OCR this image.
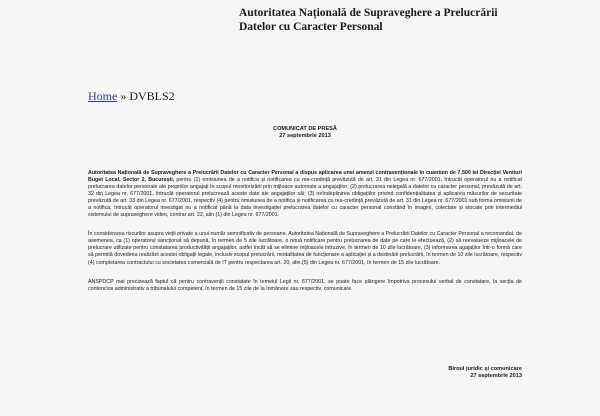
Autoritatea Națională de Supraveghere a Prelucrării
Datelor cu Caracter Personal
Home » DVBLS2
COMUNICAT DE PRESĂ
27 septembrie 2013

Autoritatea Națională de Supraveghere a Prelucrării Datelor cu Caracter Personal a dispus aplicarea unei amenzi contravenționale în cuantum de 7.500 lei Direcției Venituri Buget Local, Sector 2, București, pentru (1) omisiunea de a notifica și notificarea cu rea-credință prevăzută de art. 31 din Legea nr. 677/2001, întrucât operatorul nu a notificat prelucrarea datelor personale ale propriilor angajați în scopul monitorizării prin mijloace automate a angajaților; (2) prelucrarea nelegală a datelor cu caracter personal, prevăzută de art. 32 din Legea nr. 677/2001, întrucât operatorul prelucrează aceste date ale angajaților săi; (3) neîndeplinirea obligațiilor privind confidențialitatea și aplicarea măsurilor de securitate prevăzută de art. 33 din Legea nr. 677/2001, respectiv (4) pentru omisiunea de a notifica și notificarea cu rea-credință prevăzută de art. 31 din Legea nr. 677/2001 sub forma omisiunii de a notifica, întrucât operatorul investigat nu a notificat până la data investigației prelucrarea datelor cu caracter personal constând în imagini, colectate și stocate prin intermediul sistemului de supraveghere video, contrar art. 22, alin (1) din Legea nr. 677/2001.

În considerarea riscurilor asupra vieții private a unui număr semnificativ de persoane, Autoritatea Națională de Supraveghere a Prelucrării Datelor cu Caracter Personal a recomandat, de asemenea, ca (1) operatorul sancționat să depună, în termen de 5 zile lucrătoare, o nouă notificare pentru prelucrarea de date pe care le efectuează, (2) să reevalueze mijloacele de prelucrare utilizate pentru constatarea productivității angajaților, astfel încât să se elimine mijloacele intruzive, în termen de 10 zile lucrătoare, (3) informarea agajaților într-o formă care să permită dovedirea realizării acestei obligații legale, inclusiv scopul prelucrării, modalitatea de funcționare a aplicației și a destinării prelucrării, în termen de 10 zile lucrătoare, respectiv (4) completarea contractului cu societatea comercială de IT pentru respectarea art. 20, alin.(5) din Legea nr. 677/2001, în termen de 15 zile lucrătoare.

ANSPDCP mai precizează faptul că pentru contravenții constatate în temeiul Legii nr. 677/2001, se poate face plângere împotriva procesului verbal de constatare, la secția de contencios administrativ a tribunalului competent, în termen de 15 zile de la înmânare sau respectiv, comunicare.

Biroul juridic și comunicare
27 septembrie 2013
